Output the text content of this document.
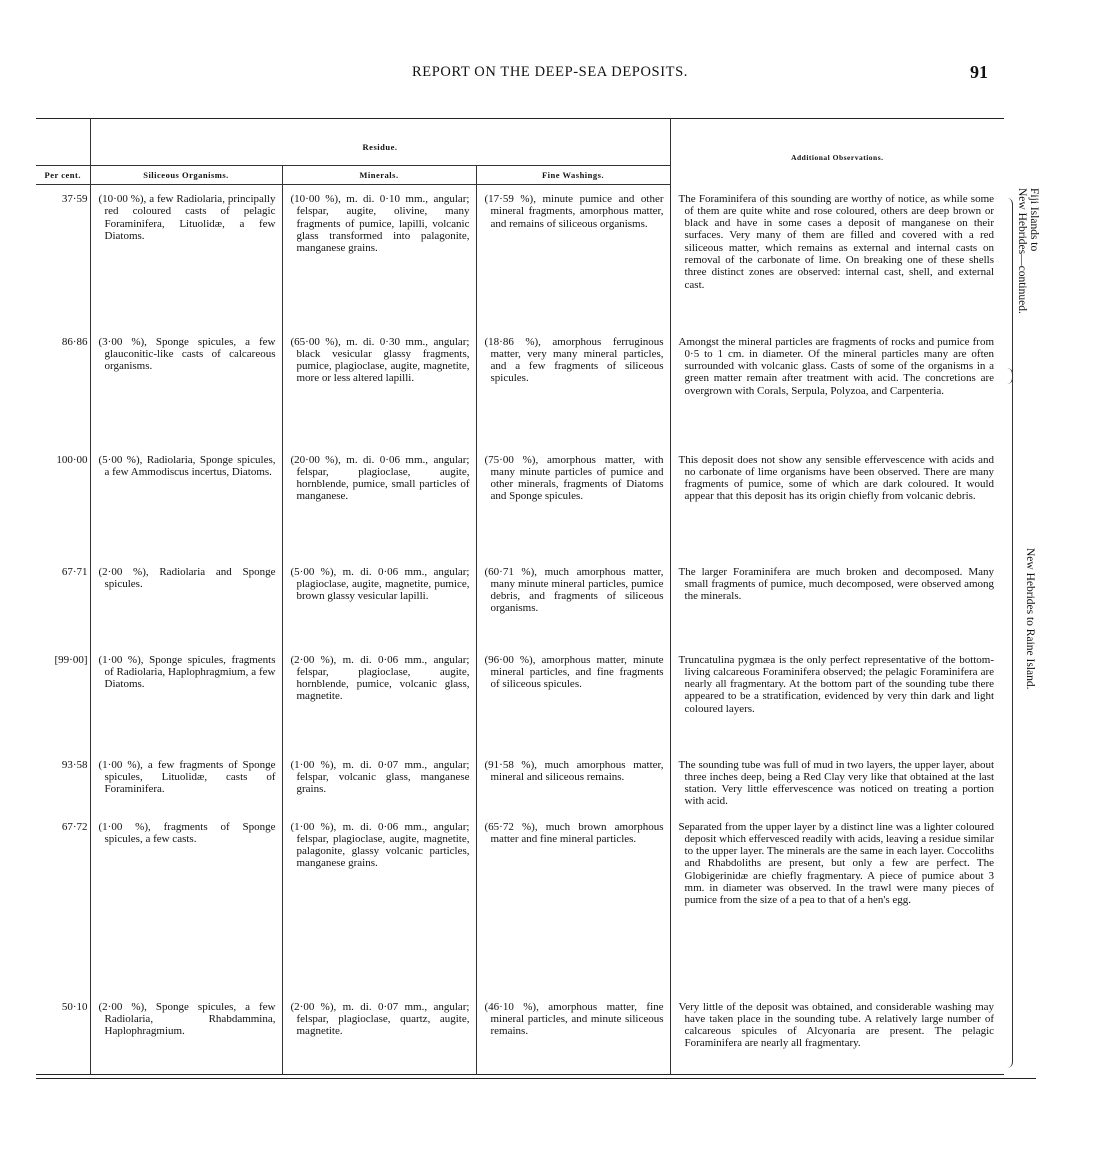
REPORT ON THE DEEP-SEA DEPOSITS.	91
	Residue.			Additional Observations.
Per cent.	Siliceous Organisms.	Minerals.	Fine Washings.	

37·59	(10·00 %), a few Radiolaria, principally red coloured casts of pelagic Foraminifera, Lituolidæ, a few Diatoms.	(10·00 %), m. di. 0·10 mm., angular; felspar, augite, olivine, many fragments of pumice, lapilli, volcanic glass transformed into palagonite, manganese grains.	(17·59 %), minute pumice and other mineral fragments, amorphous matter, and remains of siliceous organisms.	The Foraminifera of this sounding are worthy of notice, as while some of them are quite white and rose coloured, others are deep brown or black and have in some cases a deposit of manganese on their surfaces. Very many of them are filled and covered with a red siliceous matter, which remains as external and internal casts on removal of the carbonate of lime. On breaking one of these shells three distinct zones are observed: internal cast, shell, and external cast.

86·86	(3·00 %), Sponge spicules, a few glauconitic-like casts of calcareous organisms.	(65·00 %), m. di. 0·30 mm., angular; black vesicular glassy fragments, pumice, plagioclase, augite, magnetite, more or less altered lapilli.	(18·86 %), amorphous ferruginous matter, very many mineral particles, and a few fragments of siliceous spicules.	Amongst the mineral particles are fragments of rocks and pumice from 0·5 to 1 cm. in diameter. Of the mineral particles many are often surrounded with volcanic glass. Casts of some of the organisms in a green matter remain after treatment with acid. The concretions are overgrown with Corals, Serpula, Polyzoa, and Carpenteria.

100·00	(5·00 %), Radiolaria, Sponge spicules, a few Ammodiscus incertus, Diatoms.	(20·00 %), m. di. 0·06 mm., angular; felspar, plagioclase, augite, hornblende, pumice, small particles of manganese.	(75·00 %), amorphous matter, with many minute particles of pumice and other minerals, fragments of Diatoms and Sponge spicules.	This deposit does not show any sensible effervescence with acids and no carbonate of lime organisms have been observed. There are many fragments of pumice, some of which are dark coloured. It would appear that this deposit has its origin chiefly from volcanic debris.

67·71	(2·00 %), Radiolaria and Sponge spicules.	(5·00 %), m. di. 0·06 mm., angular; plagioclase, augite, magnetite, pumice, brown glassy vesicular lapilli.	(60·71 %), much amorphous matter, many minute mineral particles, pumice debris, and fragments of siliceous organisms.	The larger Foraminifera are much broken and decomposed. Many small fragments of pumice, much decomposed, were observed among the minerals.

[99·00]	(1·00 %), Sponge spicules, fragments of Radiolaria, Haplophragmium, a few Diatoms.	(2·00 %), m. di. 0·06 mm., angular; felspar, plagioclase, augite, hornblende, pumice, volcanic glass, magnetite.	(96·00 %), amorphous matter, minute mineral particles, and fine fragments of siliceous spicules.	Truncatulina pygmæa is the only perfect representative of the bottom-living calcareous Foraminifera observed; the pelagic Foraminifera are nearly all fragmentary. At the bottom part of the sounding tube there appeared to be a stratification, evidenced by very thin dark and light coloured layers.

93·58	(1·00 %), a few fragments of Sponge spicules, Lituolidæ, casts of Foraminifera.	(1·00 %), m. di. 0·07 mm., angular; felspar, volcanic glass, manganese grains.	(91·58 %), much amorphous matter, mineral and siliceous remains.	The sounding tube was full of mud in two layers, the upper layer, about three inches deep, being a Red Clay very like that obtained at the last station. Very little effervescence was noticed on treating a portion with acid.

67·72	(1·00 %), fragments of Sponge spicules, a few casts.	(1·00 %), m. di. 0·06 mm., angular; felspar, plagioclase, augite, magnetite, palagonite, glassy volcanic particles, manganese grains.	(65·72 %), much brown amorphous matter and fine mineral particles.	Separated from the upper layer by a distinct line was a lighter coloured deposit which effervesced readily with acids, leaving a residue similar to the upper layer. The minerals are the same in each layer. Coccoliths and Rhabdoliths are present, but only a few are perfect. The Globigerinidæ are chiefly fragmentary. A piece of pumice about 3 mm. in diameter was observed. In the trawl were many pieces of pumice from the size of a pea to that of a hen's egg.

50·10	(2·00 %), Sponge spicules, a few Radiolaria, Rhabdammina, Haplophragmium.	(2·00 %), m. di. 0·07 mm., angular; felspar, plagioclase, quartz, augite, magnetite.	(46·10 %), amorphous matter, fine mineral particles, and minute siliceous remains.	Very little of the deposit was obtained, and considerable washing may have taken place in the sounding tube. A relatively large number of calcareous spicules of Alcyonaria are present. The pelagic Foraminifera are nearly all fragmentary.
Fiji Islands to
New Hebrides—continued.
New Hebrides to Raine Island.
